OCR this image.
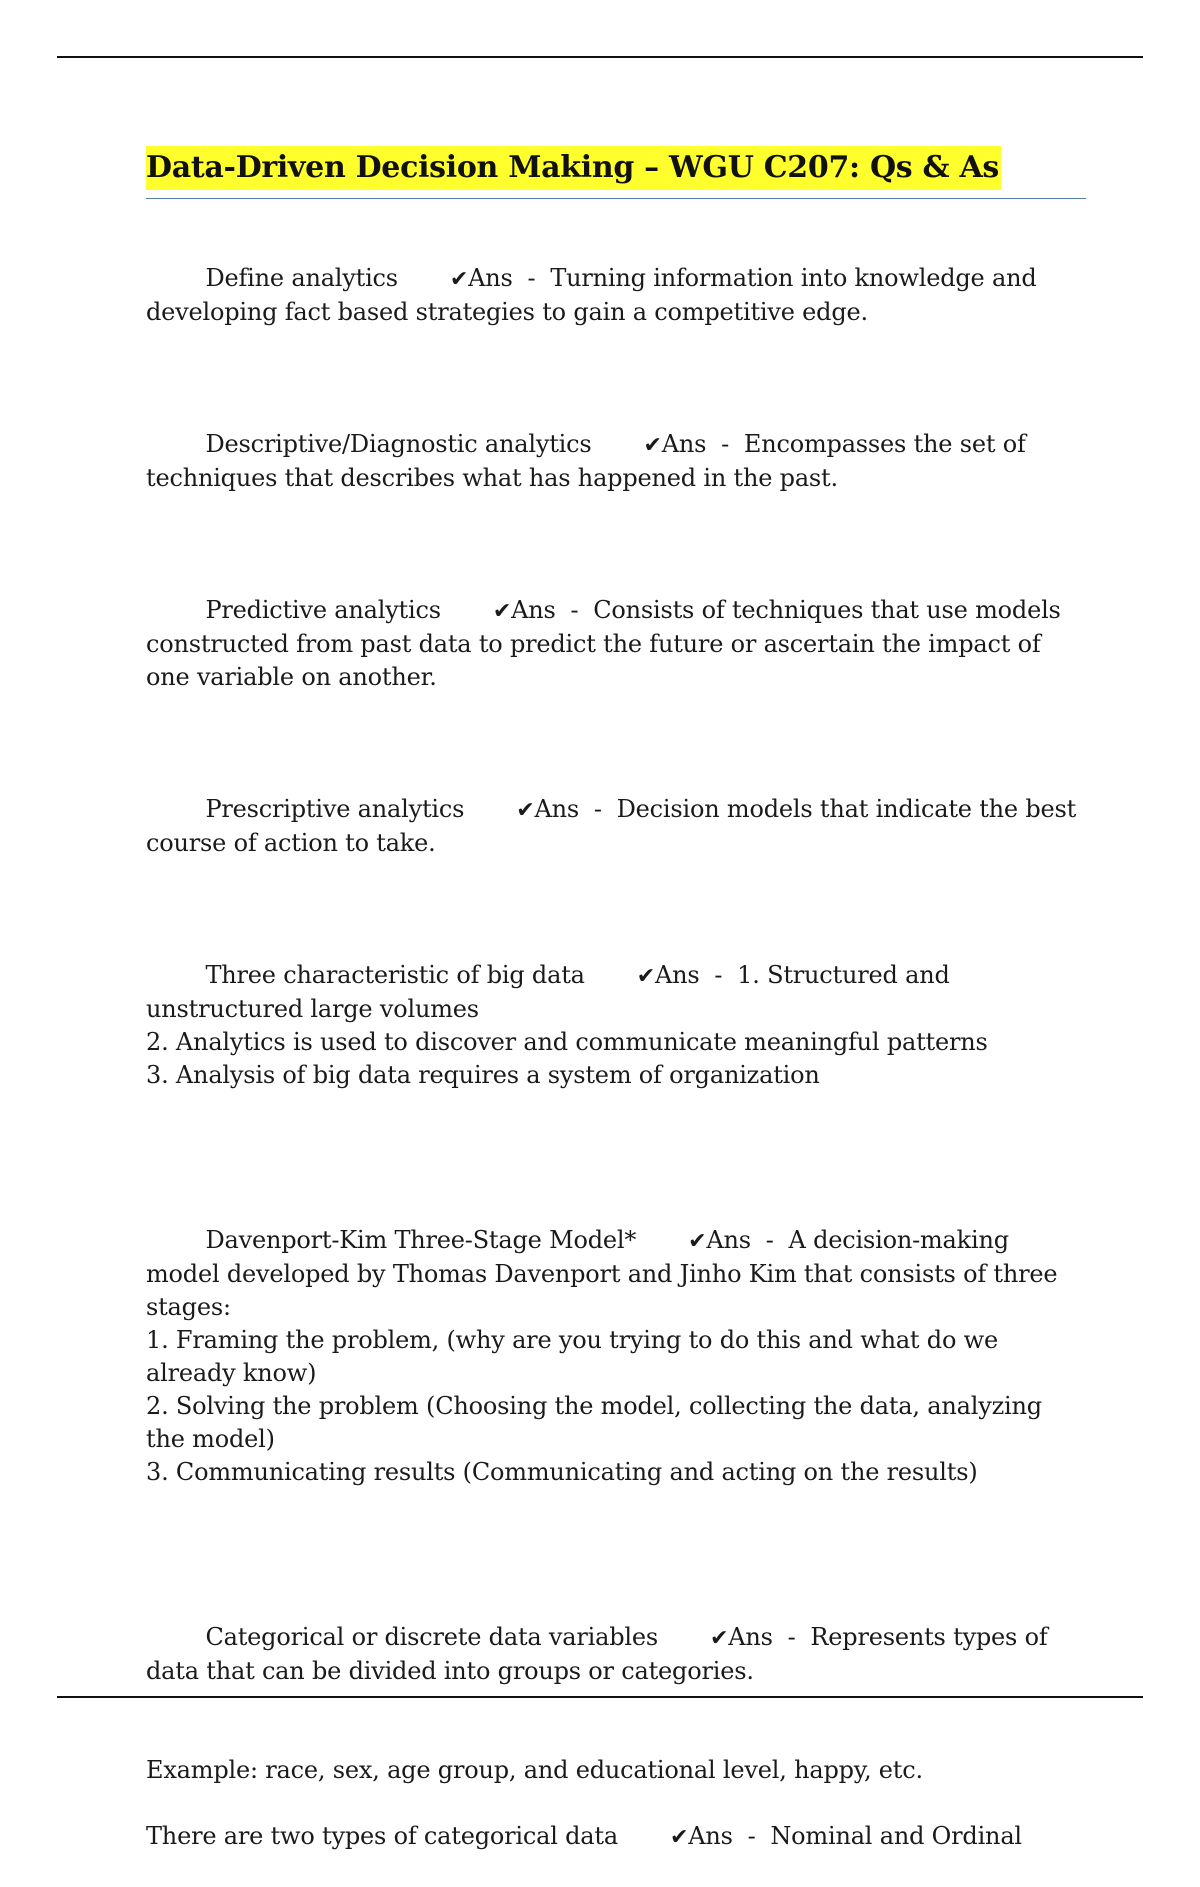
Data-Driven Decision Making – WGU C207: Qs & As

Define analytics ✔Ans  -  Turning information into knowledge and developing fact based strategies to gain a competitive edge.

Descriptive/Diagnostic analytics ✔Ans  -  Encompasses the set of techniques that describes what has happened in the past.

Predictive analytics ✔Ans  -  Consists of techniques that use models constructed from past data to predict the future or ascertain the impact of one variable on another.

Prescriptive analytics ✔Ans  -  Decision models that indicate the best course of action to take.

Three characteristic of big data ✔Ans  -  1. Structured and unstructured large volumes
2. Analytics is used to discover and communicate meaningful patterns
3. Analysis of big data requires a system of organization

Davenport-Kim Three-Stage Model* ✔Ans  -  A decision-making model developed by Thomas Davenport and Jinho Kim that consists of three stages:
1. Framing the problem, (why are you trying to do this and what do we already know)
2. Solving the problem (Choosing the model, collecting the data, analyzing the model)
3. Communicating results (Communicating and acting on the results)

Categorical or discrete data variables ✔Ans  -  Represents types of data that can be divided into groups or categories.

Example: race, sex, age group, and educational level, happy, etc.
There are two types of categorical data ✔Ans  -  Nominal and Ordinal
